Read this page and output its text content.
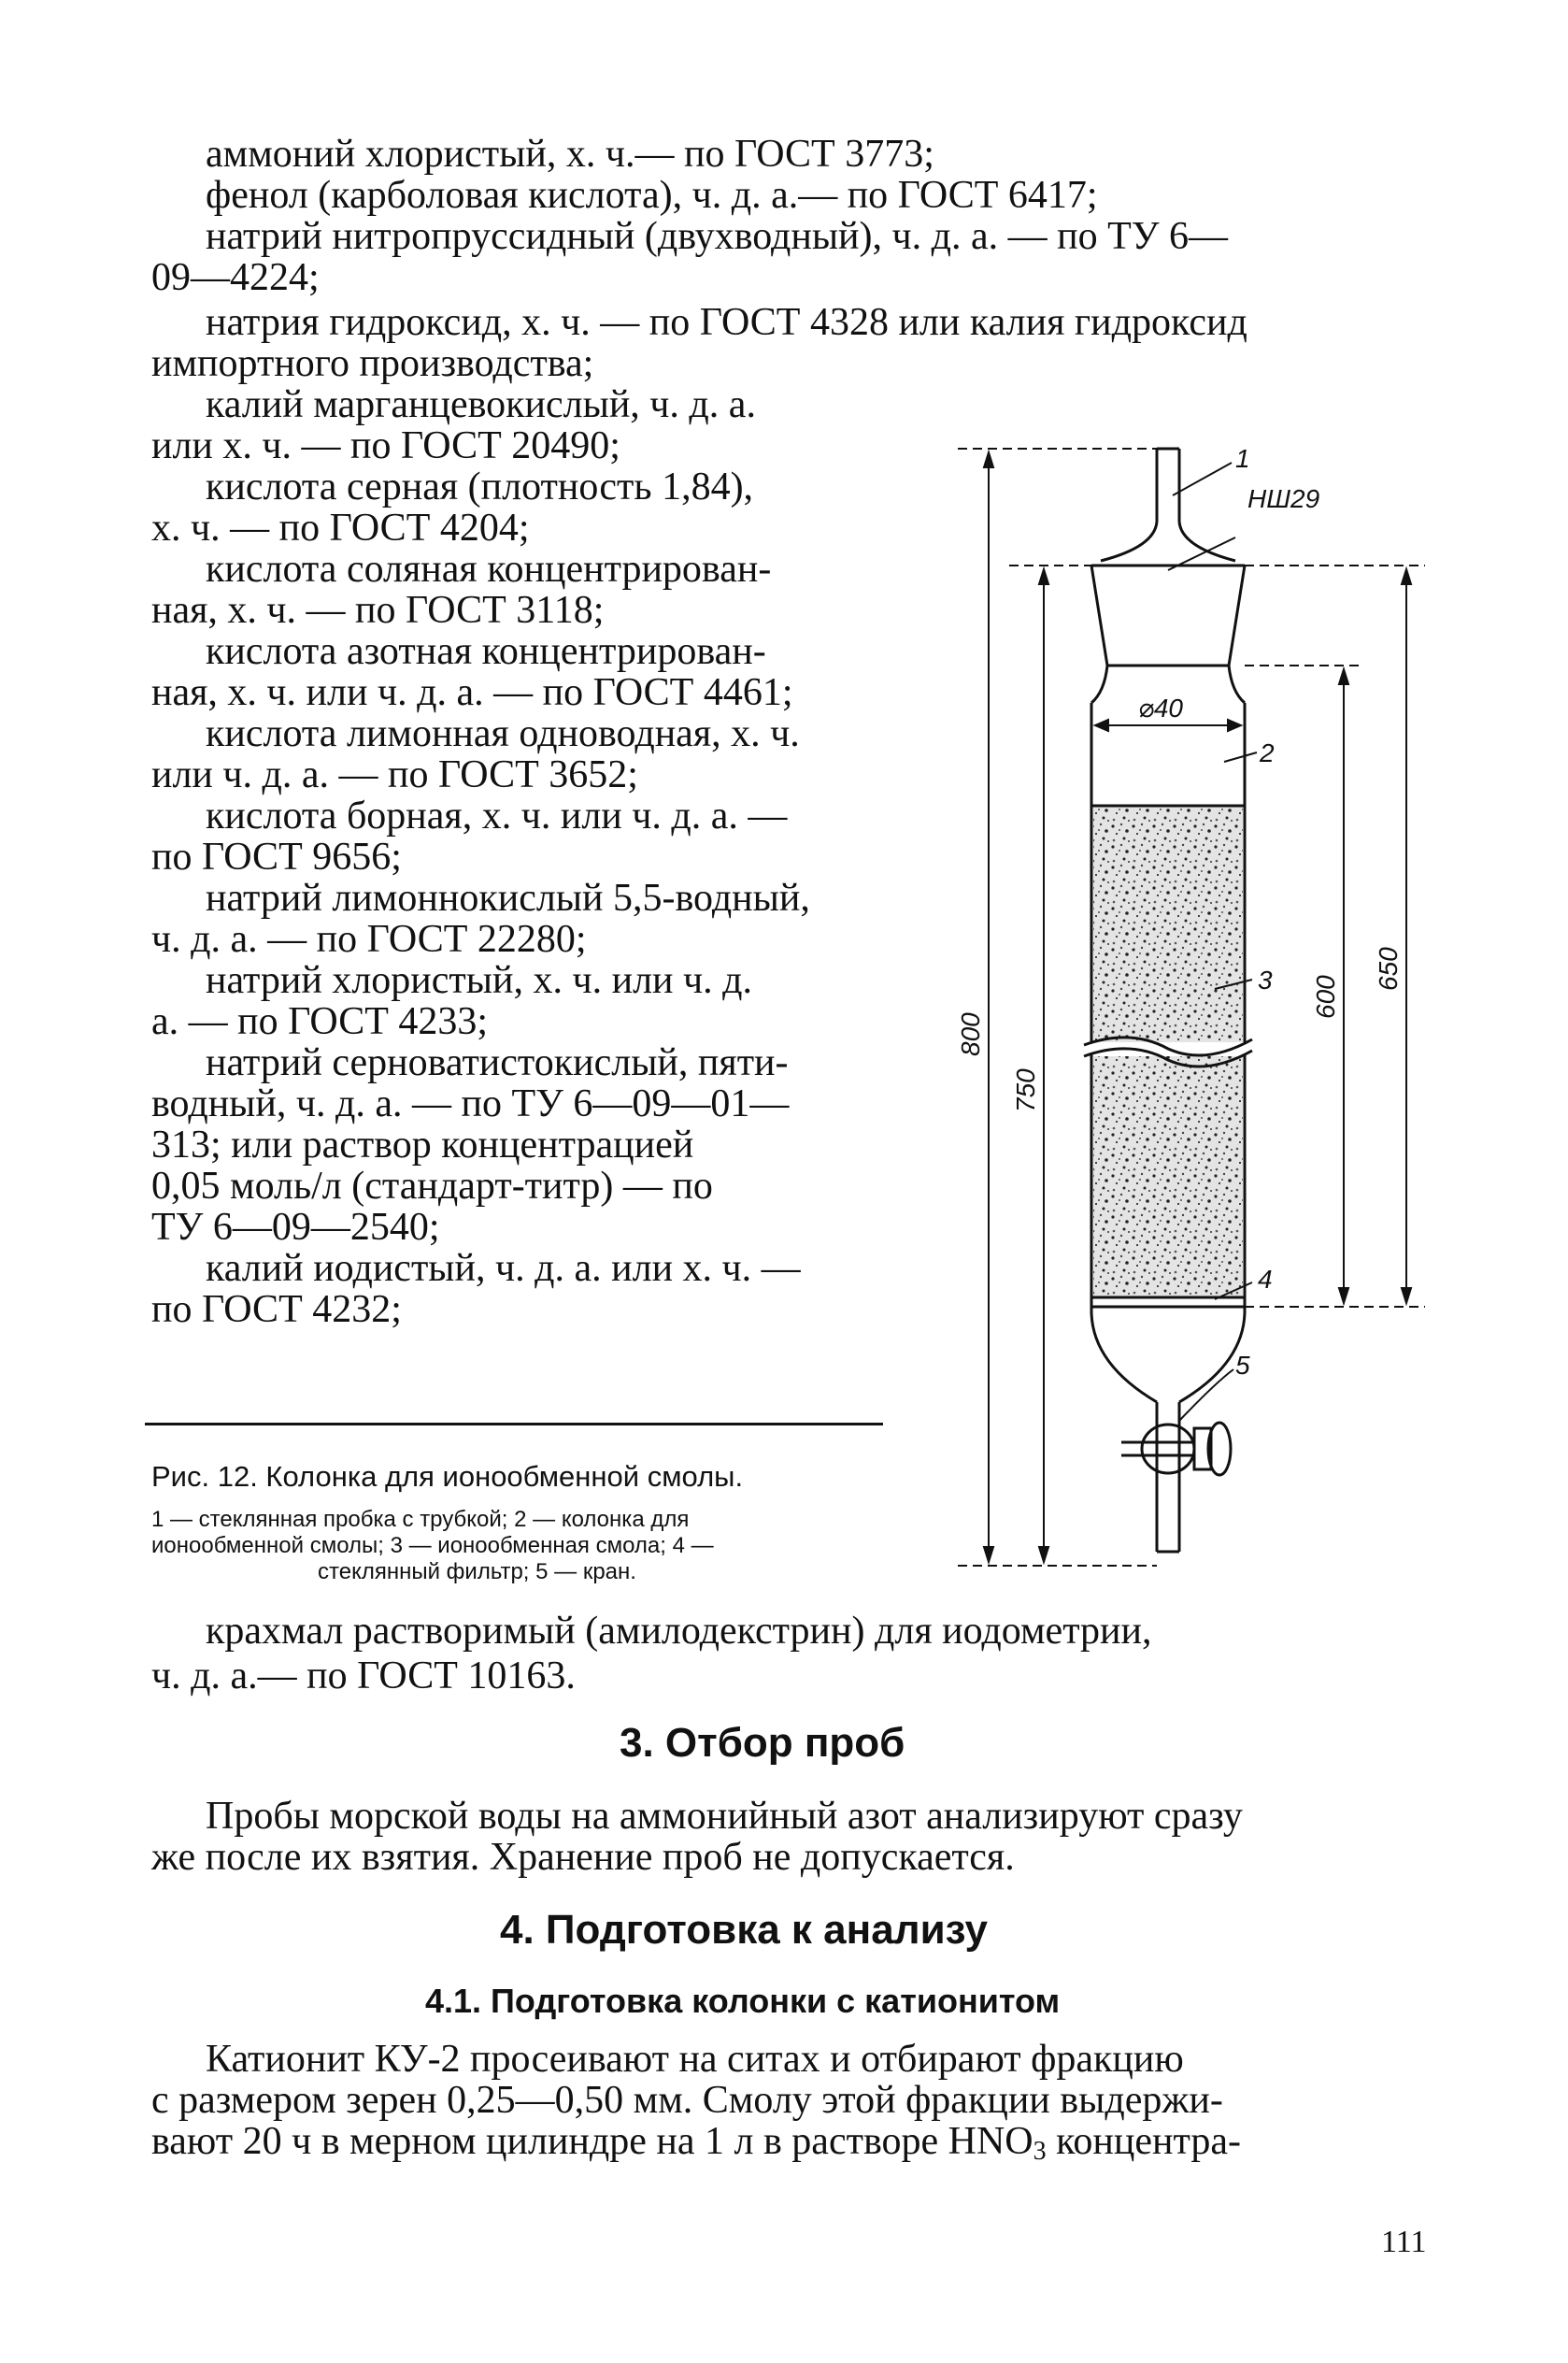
аммоний хлористый, х. ч.— по ГОСТ 3773;
фенол (карболовая кислота), ч. д. а.— по ГОСТ 6417;
натрий нитропруссидный (двухводный), ч. д. а. — по ТУ 6—
09—4224;
натрия гидроксид, х. ч. — по ГОСТ 4328 или калия гидроксид
импортного производства;
калий марганцевокислый, ч. д. а.
или х. ч. — по ГОСТ 20490;
кислота серная (плотность 1,84),
х. ч. — по ГОСТ 4204;
кислота соляная концентрирован-
ная, х. ч. — по ГОСТ 3118;
кислота азотная концентрирован-
ная, х. ч. или ч. д. а. — по ГОСТ 4461;
кислота лимонная одноводная, х. ч.
или ч. д. а. — по ГОСТ 3652;
кислота борная, х. ч. или ч. д. а. —
по ГОСТ 9656;
натрий лимоннокислый 5,5-водный,
ч. д. а. — по ГОСТ 22280;
натрий хлористый, х. ч. или ч. д.
а. — по ГОСТ 4233;
натрий серноватистокислый, пяти-
водный, ч. д. а. — по ТУ 6—09—01—
313; или раствор концентрацией
0,05 моль/л (стандарт-титр) — по
ТУ 6—09—2540;
калий иодистый, ч. д. а. или х. ч. —
по ГОСТ 4232;
Рис. 12. Колонка для ионообменной смолы.
1 — стеклянная пробка с трубкой; 2 — колонка для
ионообменной смолы; 3 — ионообменная смола; 4 —
стеклянный фильтр; 5 — кран.
1
2
3
4
5
НШ29
⌀40
800
750
600
650
крахмал растворимый (амилодекстрин) для иодометрии,
ч. д. а.— по ГОСТ 10163.
3. Отбор проб
Пробы морской воды на аммонийный азот анализируют сразу
же после их взятия. Хранение проб не допускается.
4. Подготовка к анализу
4.1. Подготовка колонки с катионитом
Катионит КУ-2 просеивают на ситах и отбирают фракцию
с размером зерен 0,25—0,50 мм. Смолу этой фракции выдержи-
вают 20 ч в мерном цилиндре на 1 л в растворе $HNO_3$ концентра-
111
